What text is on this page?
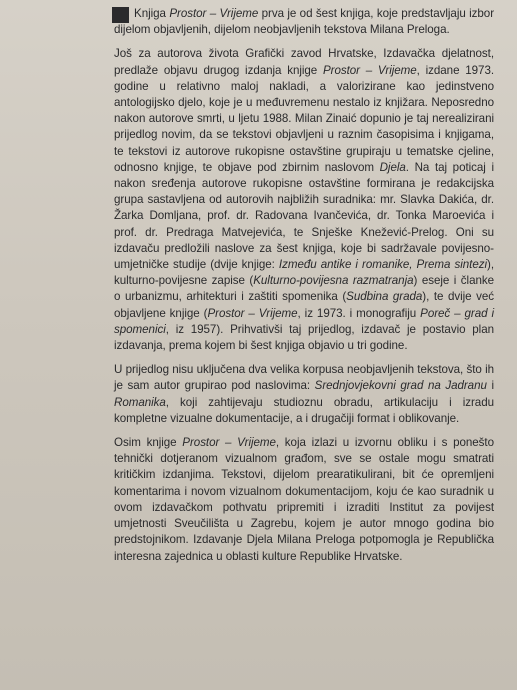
Knjiga Prostor – Vrijeme prva je od šest knjiga, koje predstavljaju izbor dijelom objavljenih, dijelom neobjavljenih tekstova Milana Preloga.

Još za autorova života Grafički zavod Hrvatske, Izdavačka djelatnost, predlaže objavu drugog izdanja knjige Prostor – Vrijeme, izdane 1973. godine u relativno maloj nakladi, a valorizirane kao jedinstveno antologijsko djelo, koje je u međuvremenu nestalo iz knjižara. Neposredno nakon autorove smrti, u ljetu 1988. Milan Zinaić dopunio je taj nerealizirani prijedlog novim, da se tekstovi objavljeni u raznim časopisima i knjigama, te tekstovi iz autorove rukopisne ostavštine grupiraju u tematske cjeline, odnosno knjige, te objave pod zbirnim naslovom Djela. Na taj poticaj i nakon sređenja autorove rukopisne ostavštine formirana je redakcijska grupa sastavljena od autorovih najbližih suradnika: mr. Slavka Dakića, dr. Žarka Domljana, prof. dr. Radovana Ivančevića, dr. Tonka Maroevića i prof. dr. Predraga Matvejevića, te Snješke Knežević-Prelog. Oni su izdavaču predložili naslove za šest knjiga, koje bi sadržavale povijesno-umjetničke studije (dvije knjige: Između antike i romanike, Prema sintezi), kulturno-povijesne zapise (Kulturno-povijesna razmatranja) eseje i članke o urbanizmu, arhitekturi i zaštiti spomenika (Sudbina grada), te dvije već objavljene knjige (Prostor – Vrijeme, iz 1973. i monografiju Poreč – grad i spomenici, iz 1957). Prihvativši taj prijedlog, izdavač je postavio plan izdavanja, prema kojem bi šest knjiga objavio u tri godine.

U prijedlog nisu uključena dva velika korpusa neobjavljenih tekstova, što ih je sam autor grupirao pod naslovima: Srednjovjekovni grad na Jadranu i Romanika, koji zahtijevaju studioznu obradu, artikulaciju i izradu kompletne vizualne dokumentacije, a i drugačiji format i oblikovanje.

Osim knjige Prostor – Vrijeme, koja izlazi u izvornu obliku i s ponešto tehnički dotjeranom vizualnom građom, sve se ostale mogu smatrati kritičkim izdanjima. Tekstovi, dijelom prearatikulirani, bit će opremljeni komentarima i novom vizualnom dokumentacijom, koju će kao suradnik u ovom izdavačkom pothvatu pripremiti i izraditi Institut za povijest umjetnosti Sveučilišta u Zagrebu, kojem je autor mnogo godina bio predstojnikom. Izdavanje Djela Milana Preloga potpomogla je Republička interesna zajednica u oblasti kulture Republike Hrvatske.
